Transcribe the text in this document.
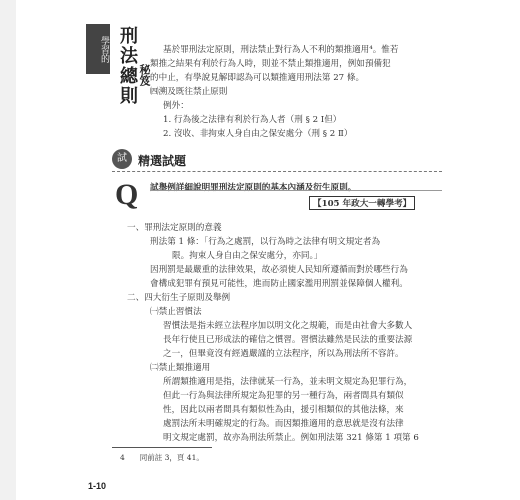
學習的 刑法總則 秘笈
基於罪刑法定原則，刑法禁止對行為人不利的類推適用⁴。惟若
類推之結果有利於行為人時，則並不禁止類推適用，例如預備犯
的中止，有學說見解即認為可以類推適用刑法第 27 條。
㈣溯及既往禁止原則
例外：
1. 行為後之法律有利於行為人者（刑 § 2 Ⅰ但）
2. 沒收、非拘束人身自由之保安處分（刑 § 2 Ⅱ）
試 精選試題
Q 試舉例詳細說明罪刑法定原則的基本內涵及衍生原則。
【105 年政大一轉學考】
一、罪刑法定原則的意義
刑法第 1 條：「行為之處罰，以行為時之法律有明文規定者為
限。拘束人身自由之保安處分，亦同。」
因刑罰是最嚴重的法律效果，故必須使人民知所遵循而對於哪些行為
會構成犯罪有預見可能性，進而防止國家濫用刑罰並保障個人權利。
二、四大衍生子原則及舉例
㈠禁止習慣法
習慣法是指未經立法程序加以明文化之規範，而是由社會大多數人
長年行使且已形成法的確信之慣習。習慣法雖然是民法的重要法源
之一，但畢竟沒有經過嚴謹的立法程序，所以為刑法所不容許。
㈡禁止類推適用
所謂類推適用是指，法律就某一行為，並未明文規定為犯罪行為，
但此一行為與法律所規定為犯罪的另一種行為，兩者間具有類似
性，因此以兩者間具有類似性為由，援引相類似的其他法條，來
處罰法所未明確規定的行為。而因類推適用的意思就是沒有法律
明文規定處罰，故亦為刑法所禁止。例如刑法第 321 條第 1 項第 6
4　　同前註 3，頁 41。
1-10
